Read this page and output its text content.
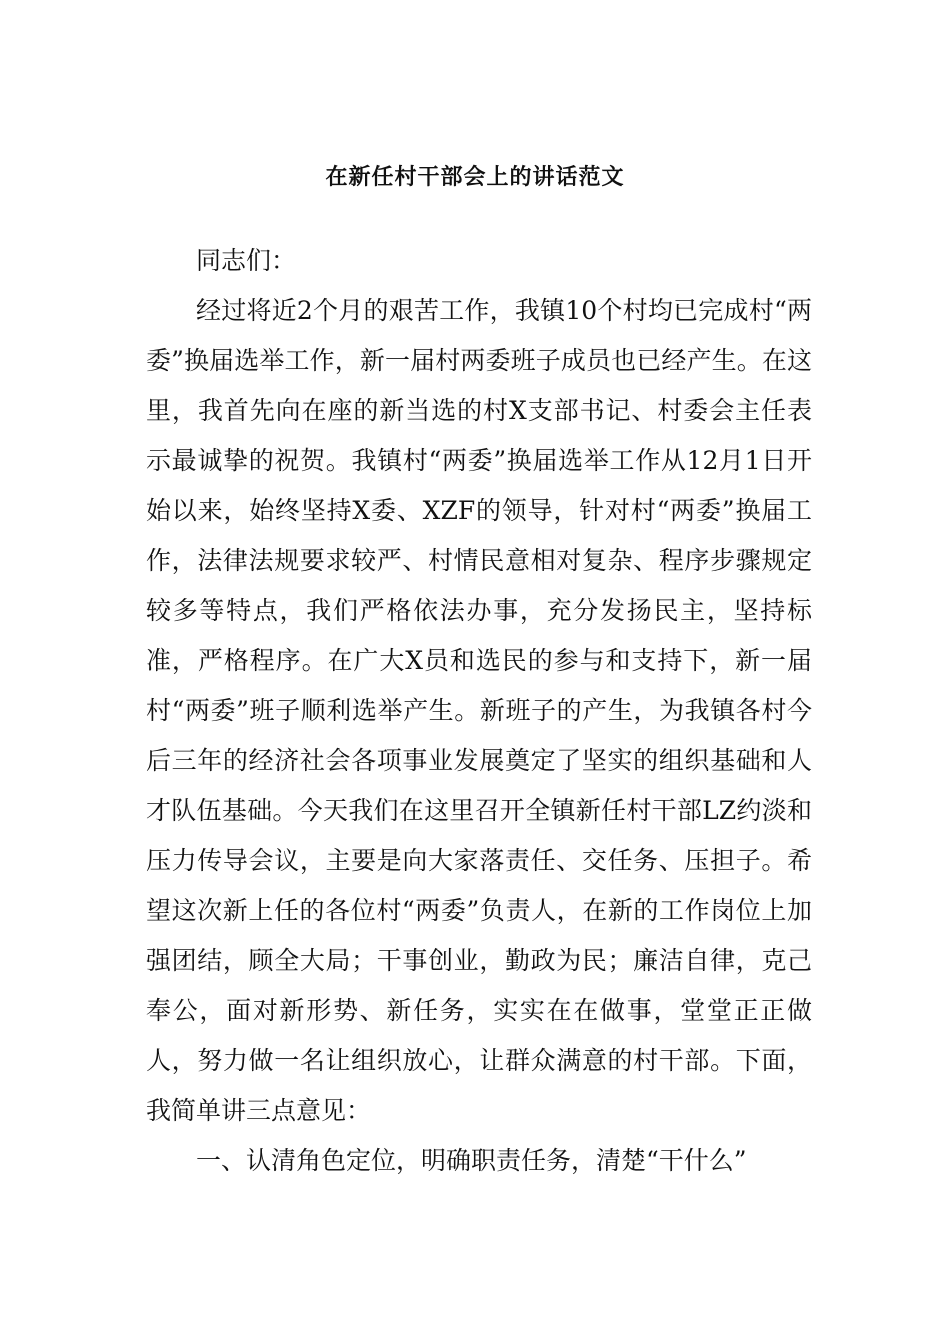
在新任村干部会上的讲话范文

同志们：

经过将近2个月的艰苦工作，我镇10个村均已完成村“两委”换届选举工作，新一届村两委班子成员也已经产生。在这里，我首先向在座的新当选的村X支部书记、村委会主任表示最诚挚的祝贺。我镇村“两委”换届选举工作从12月1日开始以来，始终坚持X委、XZF的领导，针对村“两委”换届工作，法律法规要求较严、村情民意相对复杂、程序步骤规定较多等特点，我们严格依法办事，充分发扬民主，坚持标准，严格程序。在广大X员和选民的参与和支持下，新一届村“两委”班子顺利选举产生。新班子的产生，为我镇各村今后三年的经济社会各项事业发展奠定了坚实的组织基础和人才队伍基础。今天我们在这里召开全镇新任村干部LZ约淡和压力传导会议，主要是向大家落责任、交任务、压担子。希望这次新上任的各位村“两委”负责人，在新的工作岗位上加强团结，顾全大局；干事创业，勤政为民；廉洁自律，克己奉公，面对新形势、新任务，实实在在做事，堂堂正正做人，努力做一名让组织放心，让群众满意的村干部。下面，我简单讲三点意见：

一、认清角色定位，明确职责任务，清楚“干什么”
